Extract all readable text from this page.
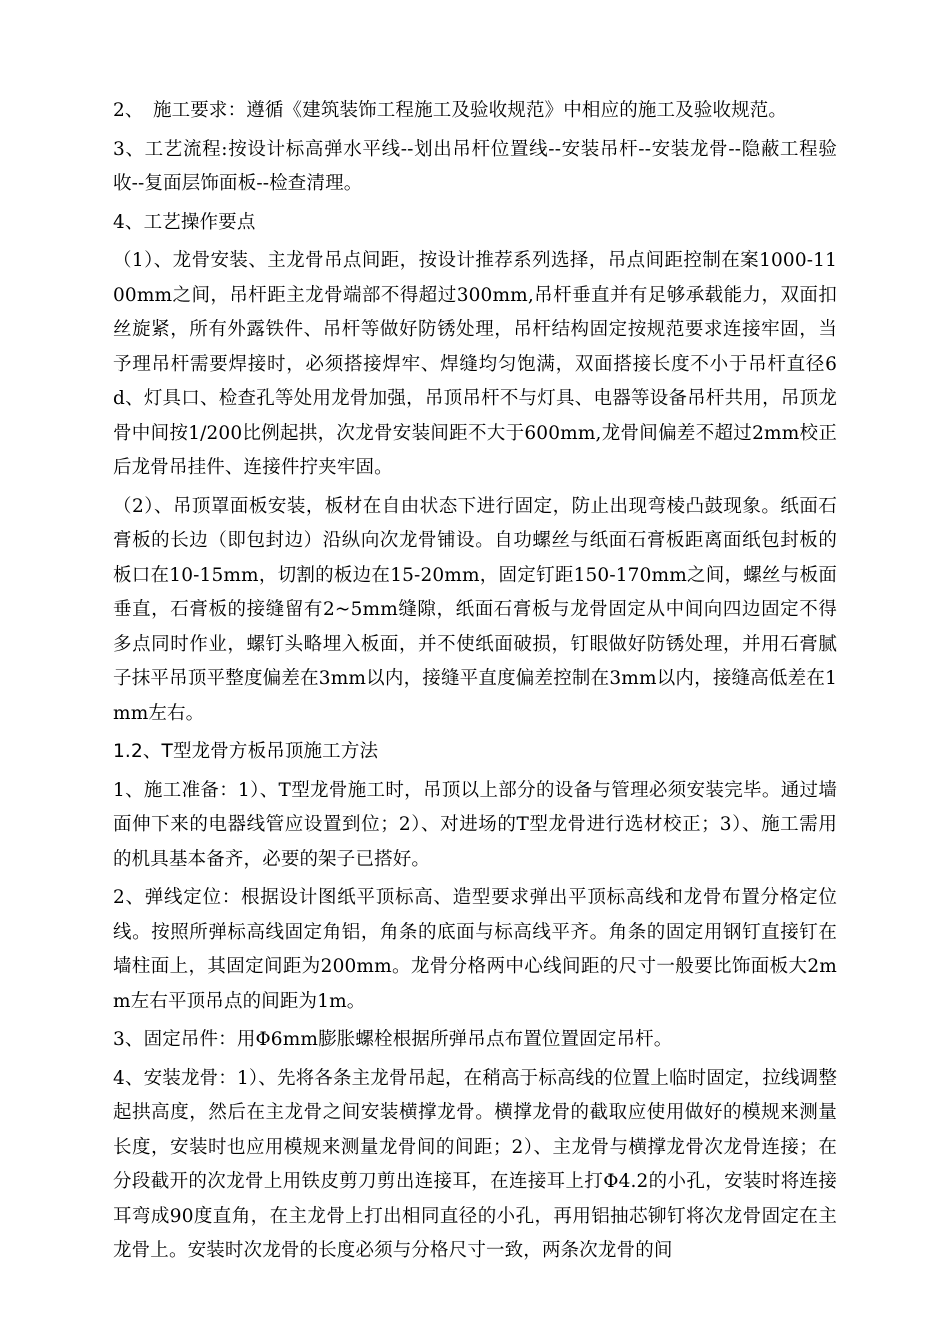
2、　施工要求：遵循《建筑装饰工程施工及验收规范》中相应的施工及验收规范。

3、工艺流程:按设计标高弹水平线--划出吊杆位置线--安装吊杆--安装龙骨--隐蔽工程验收--复面层饰面板--检查清理。

4、工艺操作要点

（1）、龙骨安装、主龙骨吊点间距，按设计推荐系列选择，吊点间距控制在案1000-1100mm之间，吊杆距主龙骨端部不得超过300mm,吊杆垂直并有足够承载能力，双面扣丝旋紧，所有外露铁件、吊杆等做好防锈处理，吊杆结构固定按规范要求连接牢固，当予理吊杆需要焊接时，必须搭接焊牢、焊缝均匀饱满，双面搭接长度不小于吊杆直径6d、灯具口、检查孔等处用龙骨加强，吊顶吊杆不与灯具、电器等设备吊杆共用，吊顶龙骨中间按1/200比例起拱，次龙骨安装间距不大于600mm,龙骨间偏差不超过2mm校正后龙骨吊挂件、连接件拧夹牢固。

（2）、吊顶罩面板安装，板材在自由状态下进行固定，防止出现弯棱凸鼓现象。纸面石膏板的长边（即包封边）沿纵向次龙骨铺设。自功螺丝与纸面石膏板距离面纸包封板的板口在10-15mm，切割的板边在15-20mm，固定钉距150-170mm之间，螺丝与板面垂直，石膏板的接缝留有2~5mm缝隙，纸面石膏板与龙骨固定从中间向四边固定不得多点同时作业，螺钉头略埋入板面，并不使纸面破损，钉眼做好防锈处理，并用石膏腻子抹平吊顶平整度偏差在3mm以内，接缝平直度偏差控制在3mm以内，接缝高低差在1mm左右。

1.2、T型龙骨方板吊顶施工方法

1、施工准备：1）、T型龙骨施工时，吊顶以上部分的设备与管理必须安装完毕。通过墙面伸下来的电器线管应设置到位；2）、对进场的T型龙骨进行选材校正；3）、施工需用的机具基本备齐，必要的架子已搭好。

2、弹线定位：根据设计图纸平顶标高、造型要求弹出平顶标高线和龙骨布置分格定位线。按照所弹标高线固定角铝，角条的底面与标高线平齐。角条的固定用钢钉直接钉在墙柱面上，其固定间距为200mm。龙骨分格两中心线间距的尺寸一般要比饰面板大2mm左右平顶吊点的间距为1m。

3、固定吊件：用Φ6mm膨胀螺栓根据所弹吊点布置位置固定吊杆。

4、安装龙骨：1）、先将各条主龙骨吊起，在稍高于标高线的位置上临时固定，拉线调整起拱高度，然后在主龙骨之间安装横撑龙骨。横撑龙骨的截取应使用做好的模规来测量长度，安装时也应用模规来测量龙骨间的间距；2）、主龙骨与横撑龙骨次龙骨连接；在分段截开的次龙骨上用铁皮剪刀剪出连接耳，在连接耳上打Φ4.2的小孔，安装时将连接耳弯成90度直角，在主龙骨上打出相同直径的小孔，再用铝抽芯铆钉将次龙骨固定在主龙骨上。安装时次龙骨的长度必须与分格尺寸一致，两条次龙骨的间
